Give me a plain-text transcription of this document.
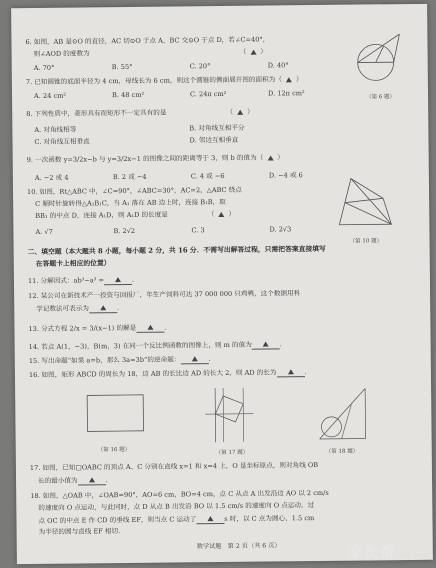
6. 如图，AB 是⊙O 的直径，AC 切⊙O 于点 A，BC 交⊙O 于点 D，若∠C=40°，
则∠AOD 的度数为	（ ）
A. 70°	B. 55°	C. 20°	D. 40°
（第 6 题）
7. 已知圆锥的底面半径为 4 cm，母线长为 6 cm，则这个圆锥的侧面展开图的面积为（ ）
A. 24 cm²	B. 48 cm²	C. 24π cm²	D. 12π cm²
8. 下列性质中，菱形具有而矩形不一定具有的是	（ ）
A. 对角线相等	B. 对角线互相平分
C. 对角线互相垂直	D. 邻边互相垂直
9. 一次函数 y=3/2x−b 与 y=3/2x−1 的图像之间的距离等于 3，则 b 的值为（ ）
A. −2 或 4	B. 2 或 −4	C. 4 或 −6	D. −4 或 6
10. 如图，Rt△ABC 中，∠C=90°，∠ABC=30°，AC=2，△ABC 绕点
C 顺时针旋转得△A₁B₁C，当 A₁ 落在 AB 边上时，连接 B₁B，取
BB₁ 的中点 D，连接 A₁D，则 A₁D 的长度是	（ ）
A. √7	B. 2√2	C. 3	D. 2√3
（第 10 题）
二、填空题（本大题共 8 小题，每小题 2 分，共 16 分．不需写出解答过程，只需把答案直接填写
在答题卡上相应的位置）
11. 分解因式：ab³−a³ =	．
12. 某公司在新技术产一投资与回报厂，年生产饲料可达 37 000 000 只鸡鸭，这个数据用科
学记数法可表示为	．
13. 分式方程 2/x = 3/(x−1) 的解是	．
14. 若点 A(1，−3)，B(m，3) 在同一个反比例函数的图像上，则 m 的值为	．
15. 写出命题“如果 a=b，那么 3a=3b”的逆命题：	．
16. 如图，矩形 ABCD 的周长为 18，边 AB 的长比边 AD 的长大 2，则 AD 的长为	．
（第 16 题）	（第 17 题）	（第 18 题）
17. 如图，已知□OABC 的顶点 A、C 分别在直线 x=1 和 x=4 上，O 是坐标原点，则对角线 OB
长的最小值为	．
18. 如图，△OAB 中，∠OAB=90°，AO=6 cm，BO=4 cm，点 C 从点 A 出发沿边 AO 以 2 cm/s
的速度向 O 点运动，与此同时，点 D 从点 B 出发沿 BO 以 1.5 cm/s 的速度向 O 点运动，过
点 OC 的中点 E 作 CD 的垂线 EF，则当点 C 运动了	s 时，以 C 点为圆心、1.5 cm
为半径的圆与直线 EF 相切．
数学试题　第 2 页（共 6 页）	家长帮 jzb.com
